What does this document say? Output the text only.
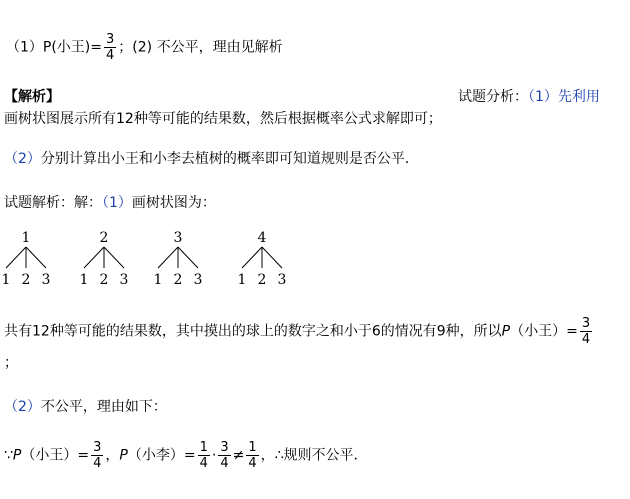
（1）P(小王)= $\frac{3}{4}$ ；(2) 不公平，理由见解析
【解析】	试题分析：（1）先利用
画树状图展示所有12种等可能的结果数，然后根据概率公式求解即可；
（2）分别计算出小王和小李去植树的概率即可知道规则是否公平．
试题解析：解：（1）画树状图为：
1
1 2 3
2
1 2 3
3
1 2 3
4
1 2 3
共有12种等可能的结果数，其中摸出的球上的数字之和小于6的情况有9种，所以P（小王）= $\frac{3}{4}$
；
（2）不公平，理由如下：
∵P（小王）= $\frac{3}{4}$ ，P（小李）= $\frac{1}{4} \cdot \frac{3}{4} \ne \frac{1}{4}$ ，∴规则不公平．
